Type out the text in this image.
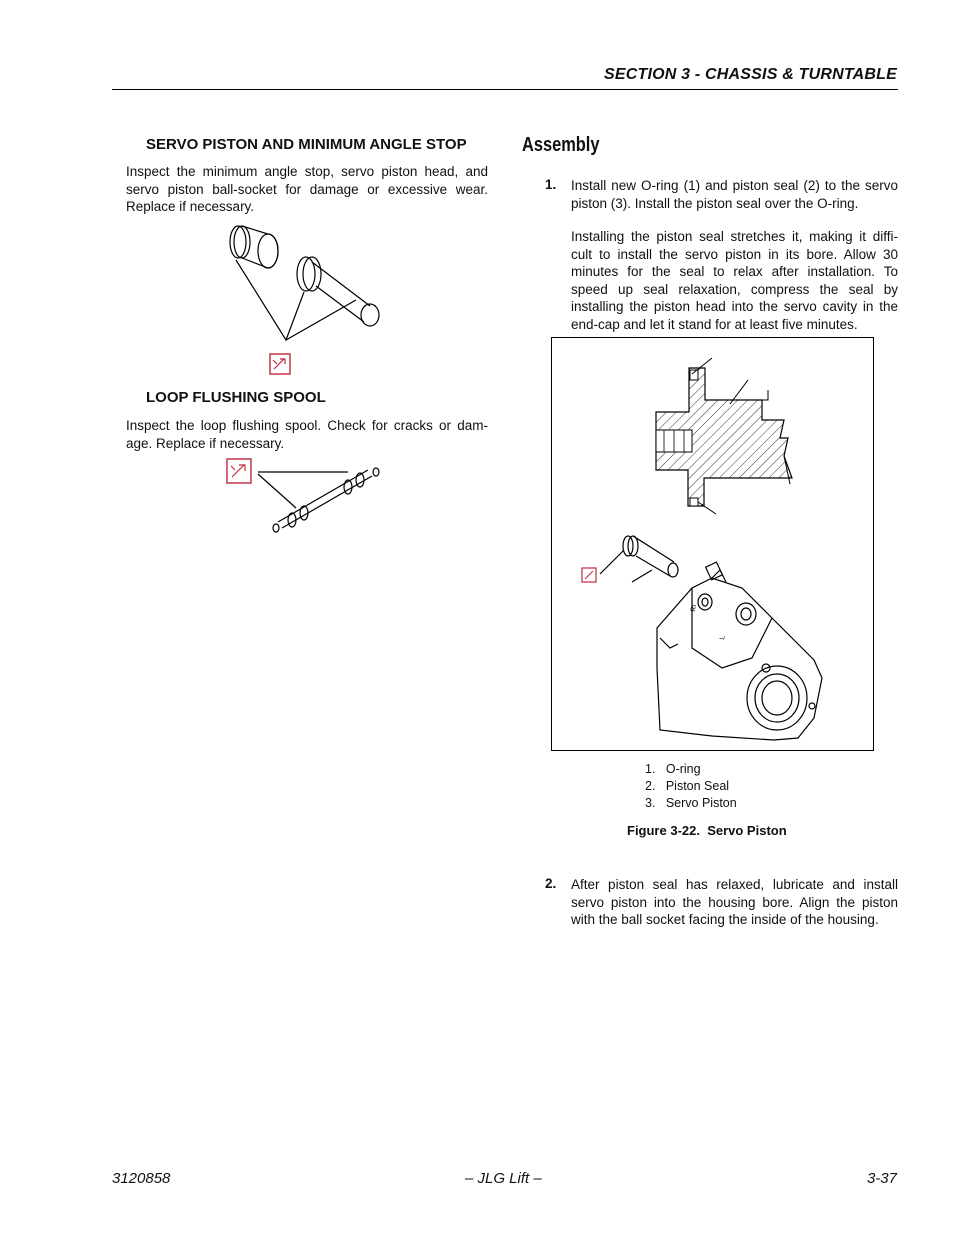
SECTION 3 - CHASSIS & TURNTABLE
SERVO PISTON AND MINIMUM ANGLE STOP
Inspect the minimum angle stop, servo piston head, and
servo piston ball-socket for damage or excessive wear.
Replace if necessary.
LOOP FLUSHING SPOOL
Inspect the loop flushing spool. Check for cracks or dam-
age. Replace if necessary.
Assembly
1. Install new O-ring (1) and piston seal (2) to the servo
piston (3). Install the piston seal over the O-ring.
Installing the piston seal stretches it, making it diffi-
cult to install the servo piston in its bore. Allow 30
minutes for the seal to relax after installation. To
speed up seal relaxation, compress the seal by
installing the piston head into the servo cavity in the
end-cap and let it stand for at least five minutes.
RI
L
1.   O-ring
2.   Piston Seal
3.   Servo Piston
Figure 3-22.  Servo Piston
2. After piston seal has relaxed, lubricate and install
servo piston into the housing bore. Align the piston
with the ball socket facing the inside of the housing.
3120858	– JLG Lift –	3-37
